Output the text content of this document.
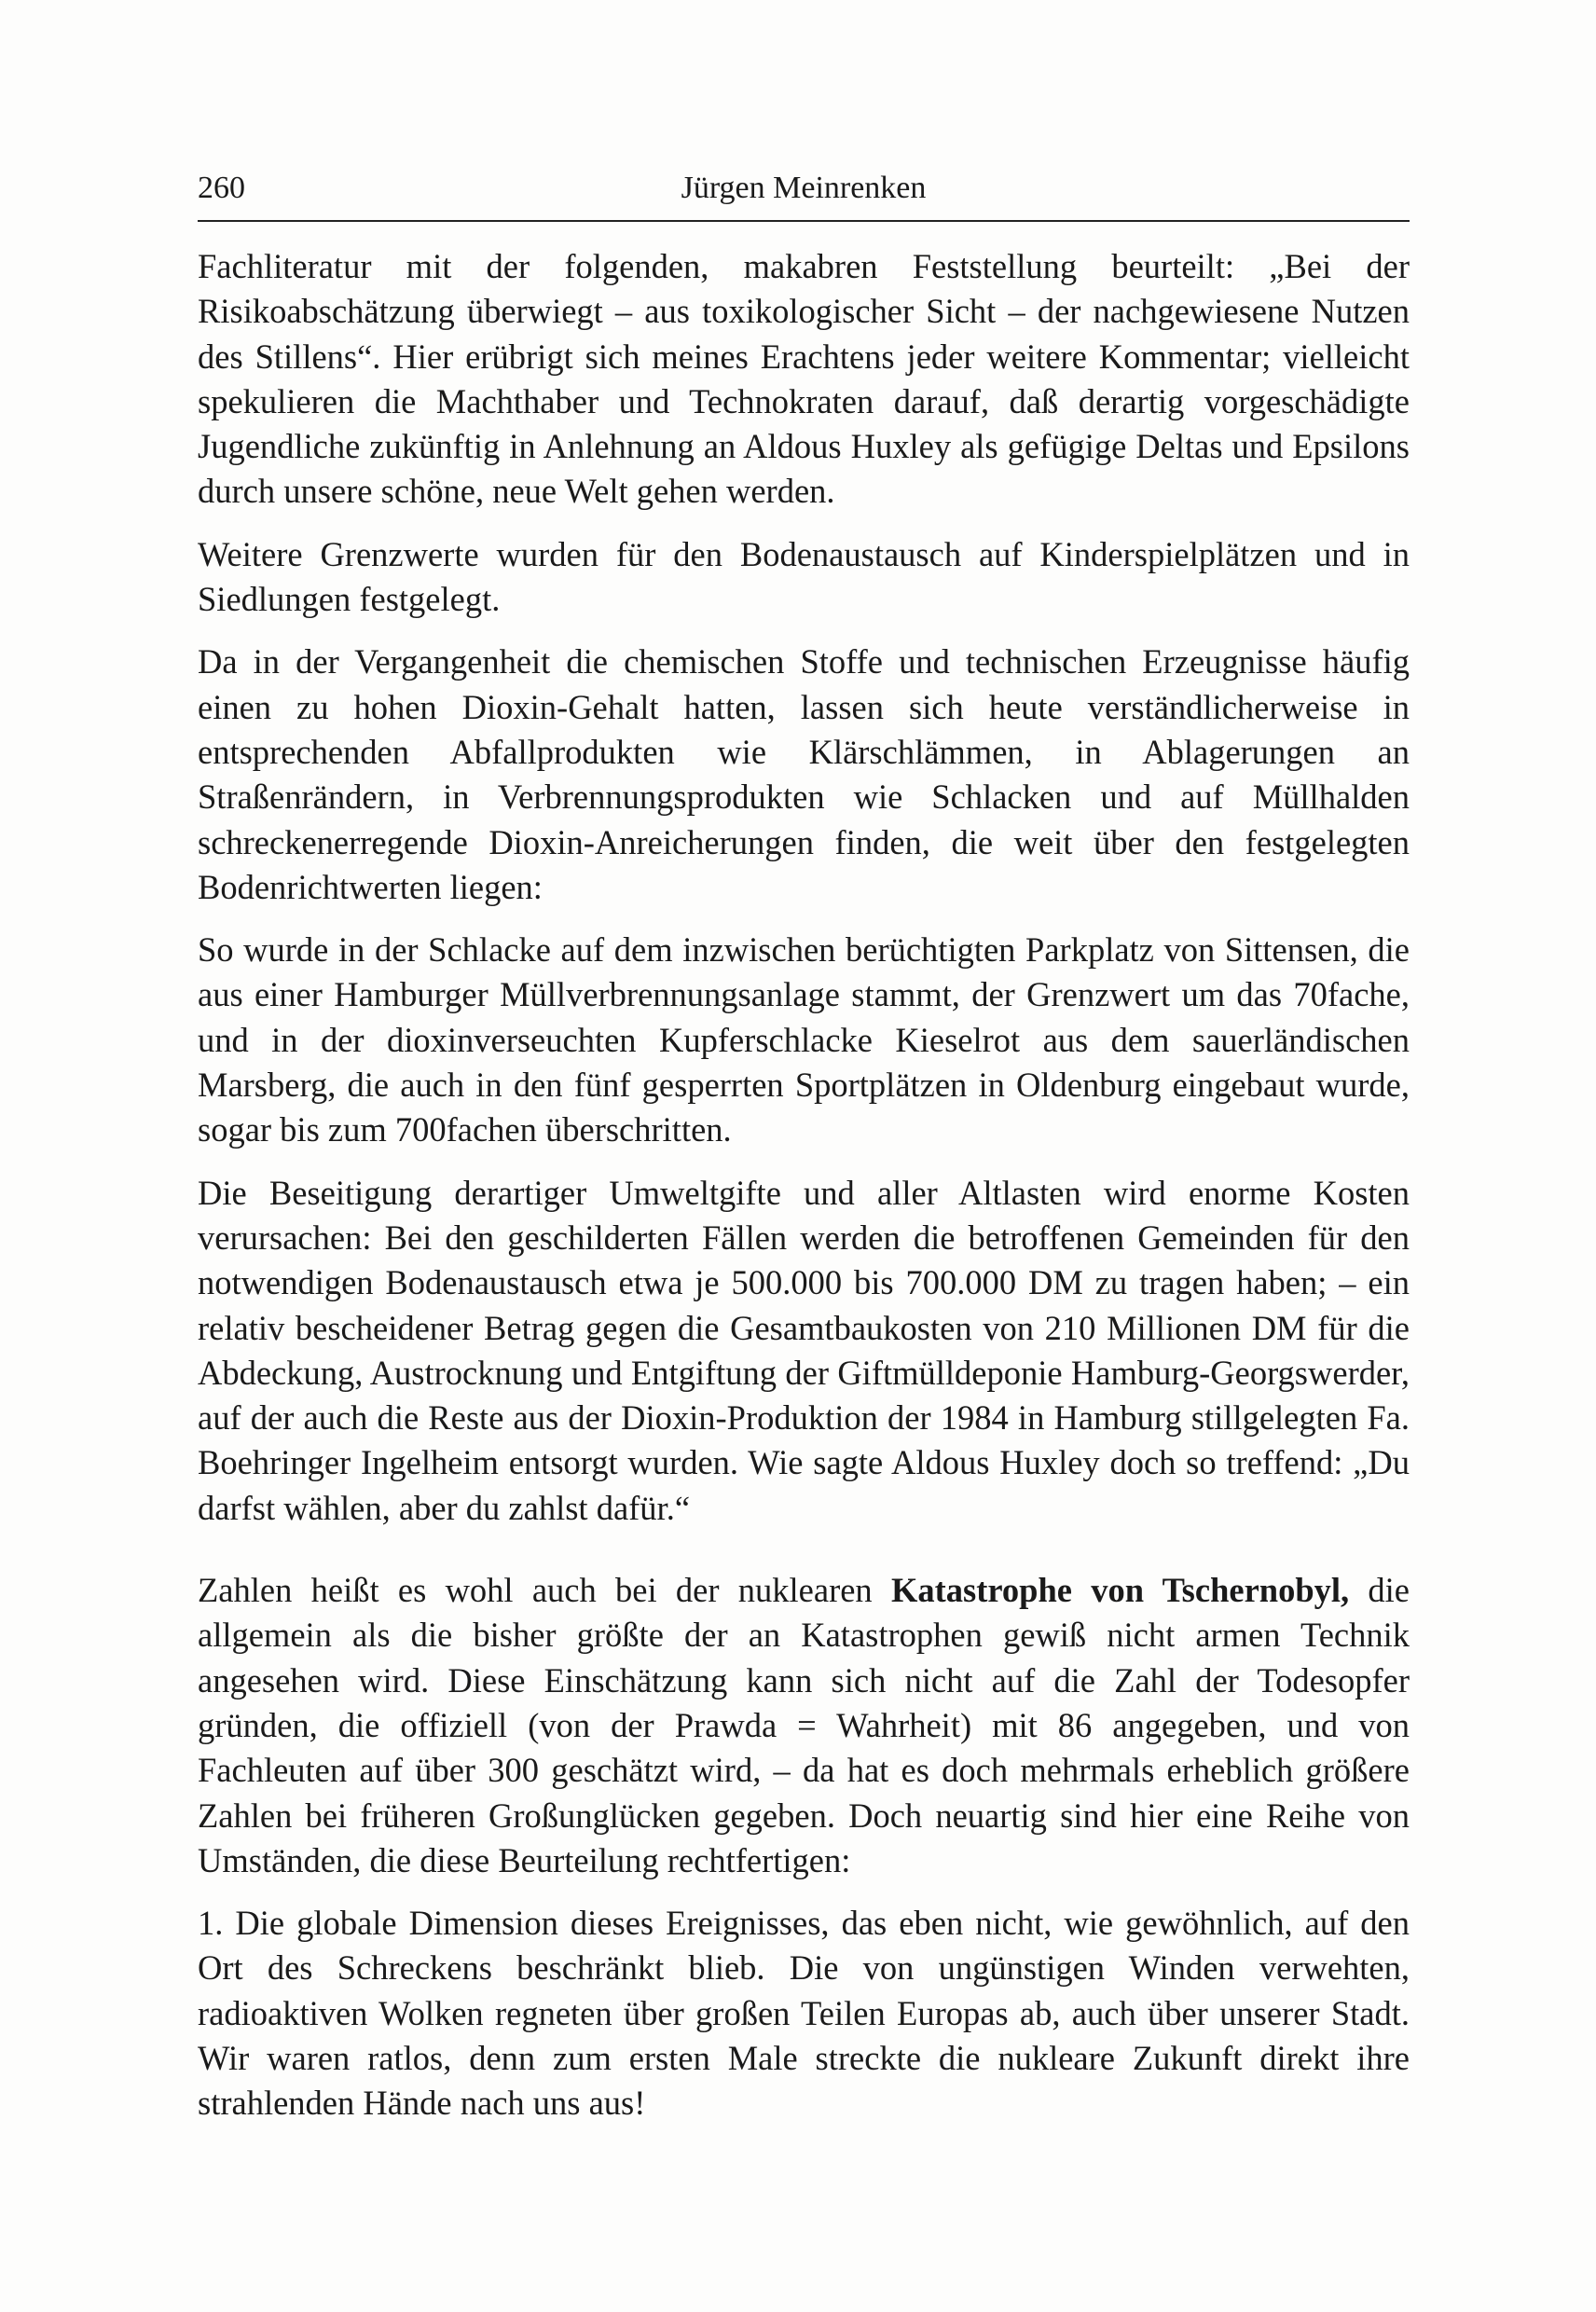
260	Jürgen Meinrenken

Fachliteratur mit der folgenden, makabren Feststellung beurteilt: „Bei der Risikoabschätzung überwiegt – aus toxikologischer Sicht – der nachgewiesene Nutzen des Stillens“. Hier erübrigt sich meines Erachtens jeder weitere Kommentar; vielleicht spekulieren die Machthaber und Technokraten darauf, daß derartig vorgeschädigte Jugendliche zukünftig in Anlehnung an Aldous Huxley als gefügige Deltas und Epsilons durch unsere schöne, neue Welt gehen werden.

Weitere Grenzwerte wurden für den Bodenaustausch auf Kinderspielplätzen und in Siedlungen festgelegt.

Da in der Vergangenheit die chemischen Stoffe und technischen Erzeugnisse häufig einen zu hohen Dioxin-Gehalt hatten, lassen sich heute verständlicherweise in entsprechenden Abfallprodukten wie Klärschlämmen, in Ablagerungen an Straßenrändern, in Verbrennungsprodukten wie Schlacken und auf Müllhalden schreckenerregende Dioxin-Anreicherungen finden, die weit über den festgelegten Bodenrichtwerten liegen:

So wurde in der Schlacke auf dem inzwischen berüchtigten Parkplatz von Sittensen, die aus einer Hamburger Müllverbrennungsanlage stammt, der Grenzwert um das 70fache, und in der dioxinverseuchten Kupferschlacke Kieselrot aus dem sauerländischen Marsberg, die auch in den fünf gesperrten Sportplätzen in Oldenburg eingebaut wurde, sogar bis zum 700fachen überschritten.

Die Beseitigung derartiger Umweltgifte und aller Altlasten wird enorme Kosten verursachen: Bei den geschilderten Fällen werden die betroffenen Gemeinden für den notwendigen Bodenaustausch etwa je 500.000 bis 700.000 DM zu tragen haben; – ein relativ bescheidener Betrag gegen die Gesamtbaukosten von 210 Millionen DM für die Abdeckung, Austrocknung und Entgiftung der Giftmülldeponie Hamburg-Georgswerder, auf der auch die Reste aus der Dioxin-Produktion der 1984 in Hamburg stillgelegten Fa. Boehringer Ingelheim entsorgt wurden. Wie sagte Aldous Huxley doch so treffend: „Du darfst wählen, aber du zahlst dafür.“

Zahlen heißt es wohl auch bei der nuklearen Katastrophe von Tschernobyl, die allgemein als die bisher größte der an Katastrophen gewiß nicht armen Technik angesehen wird. Diese Einschätzung kann sich nicht auf die Zahl der Todesopfer gründen, die offiziell (von der Prawda = Wahrheit) mit 86 angegeben, und von Fachleuten auf über 300 geschätzt wird, – da hat es doch mehrmals erheblich größere Zahlen bei früheren Großunglücken gegeben. Doch neuartig sind hier eine Reihe von Umständen, die diese Beurteilung rechtfertigen:

1. Die globale Dimension dieses Ereignisses, das eben nicht, wie gewöhnlich, auf den Ort des Schreckens beschränkt blieb. Die von ungünstigen Winden verwehten, radioaktiven Wolken regneten über großen Teilen Europas ab, auch über unserer Stadt. Wir waren ratlos, denn zum ersten Male streckte die nukleare Zukunft direkt ihre strahlenden Hände nach uns aus!
